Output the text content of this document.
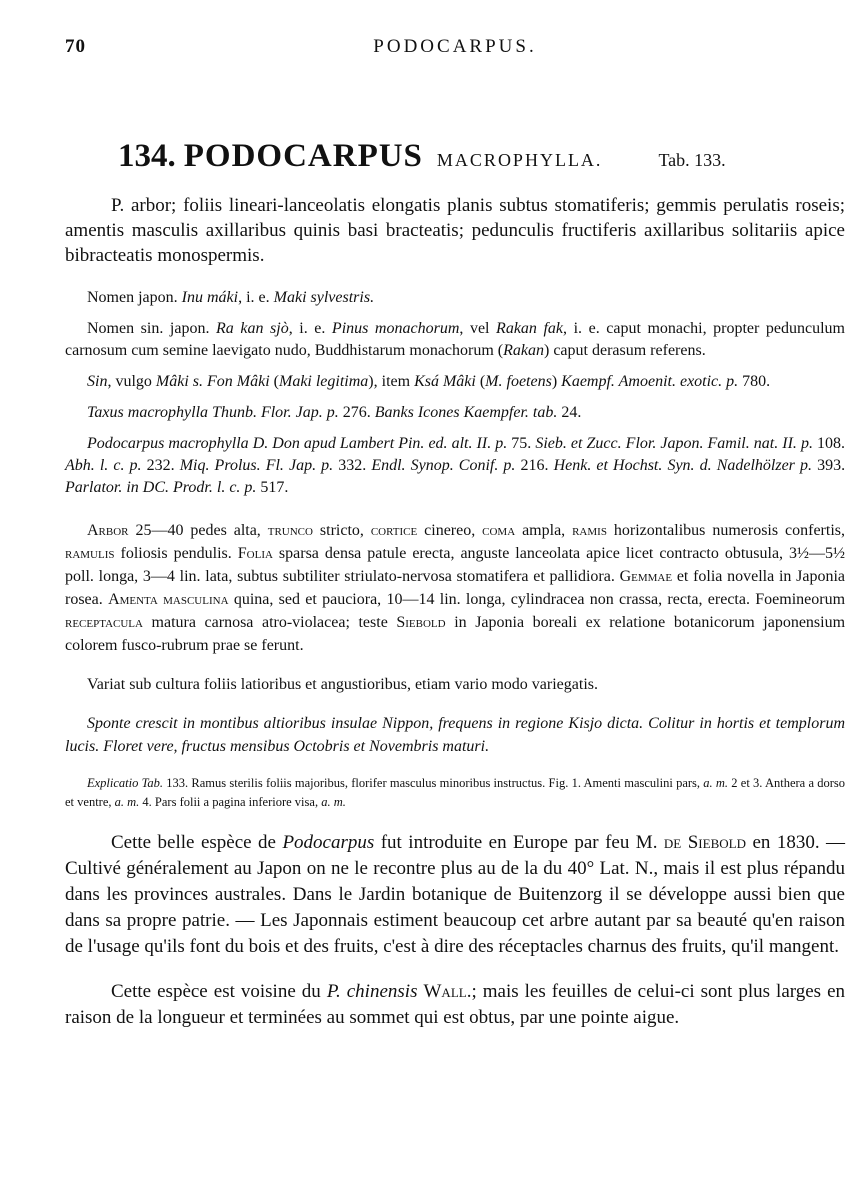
70	PODOCARPUS.
134. PODOCARPUS MACROPHYLLA.	Tab. 133.

P. arbor; foliis lineari-lanceolatis elongatis planis subtus stomatiferis; gemmis perulatis roseis; amentis masculis axillaribus quinis basi bracteatis; pedunculis fructiferis axillaribus solitariis apice bibracteatis monospermis.

Nomen japon. Inu máki, i. e. Maki sylvestris.
Nomen sin. japon. Ra kan sjò, i. e. Pinus monachorum, vel Rakan fak, i. e. caput monachi, propter pedunculum carnosum cum semine laevigato nudo, Buddhistarum monachorum (Rakan) caput derasum referens.
Sin, vulgo Mâki s. Fon Mâki (Maki legitima), item Ksá Mâki (M. foetens) Kaempf. Amoenit. exotic. p. 780.
Taxus macrophylla Thunb. Flor. Jap. p. 276. Banks Icones Kaempfer. tab. 24.
Podocarpus macrophylla D. Don apud Lambert Pin. ed. alt. II. p. 75. Sieb. et Zucc. Flor. Japon. Famil. nat. II. p. 108. Abh. l. c. p. 232. Miq. Prolus. Fl. Jap. p. 332. Endl. Synop. Conif. p. 216. Henk. et Hochst. Syn. d. Nadelhölzer p. 393. Parlator. in DC. Prodr. l. c. p. 517.

Arbor 25—40 pedes alta, trunco stricto, cortice cinereo, coma ampla, ramis horizontalibus numerosis confertis, ramulis foliosis pendulis. Folia sparsa densa patule erecta, anguste lanceolata apice licet contracto obtusula, 3½—5½ poll. longa, 3—4 lin. lata, subtus subtiliter striulato-nervosa stomatifera et pallidiora. Gemmae et folia novella in Japonia rosea. Amenta masculina quina, sed et pauciora, 10—14 lin. longa, cylindracea non crassa, recta, erecta. Foemineorum receptacula matura carnosa atro-violacea; teste Siebold in Japonia boreali ex relatione botanicorum japonensium colorem fusco-rubrum prae se ferunt.

Variat sub cultura foliis latioribus et angustioribus, etiam vario modo variegatis.

Sponte crescit in montibus altioribus insulae Nippon, frequens in regione Kisjo dicta. Colitur in hortis et templorum lucis. Floret vere, fructus mensibus Octobris et Novembris maturi.

Explicatio Tab. 133. Ramus sterilis foliis majoribus, florifer masculus minoribus instructus. Fig. 1. Amenti masculini pars, a. m. 2 et 3. Anthera a dorso et ventre, a. m. 4. Pars folii a pagina inferiore visa, a. m.

Cette belle espèce de Podocarpus fut introduite en Europe par feu M. de Siebold en 1830. — Cultivé généralement au Japon on ne le recontre plus au de la du 40° Lat. N., mais il est plus répandu dans les provinces australes. Dans le Jardin botanique de Buitenzorg il se développe aussi bien que dans sa propre patrie. — Les Japonnais estiment beaucoup cet arbre autant par sa beauté qu'en raison de l'usage qu'ils font du bois et des fruits, c'est à dire des réceptacles charnus des fruits, qu'il mangent.

Cette espèce est voisine du P. chinensis Wall.; mais les feuilles de celui-ci sont plus larges en raison de la longueur et terminées au sommet qui est obtus, par une pointe aigue.
